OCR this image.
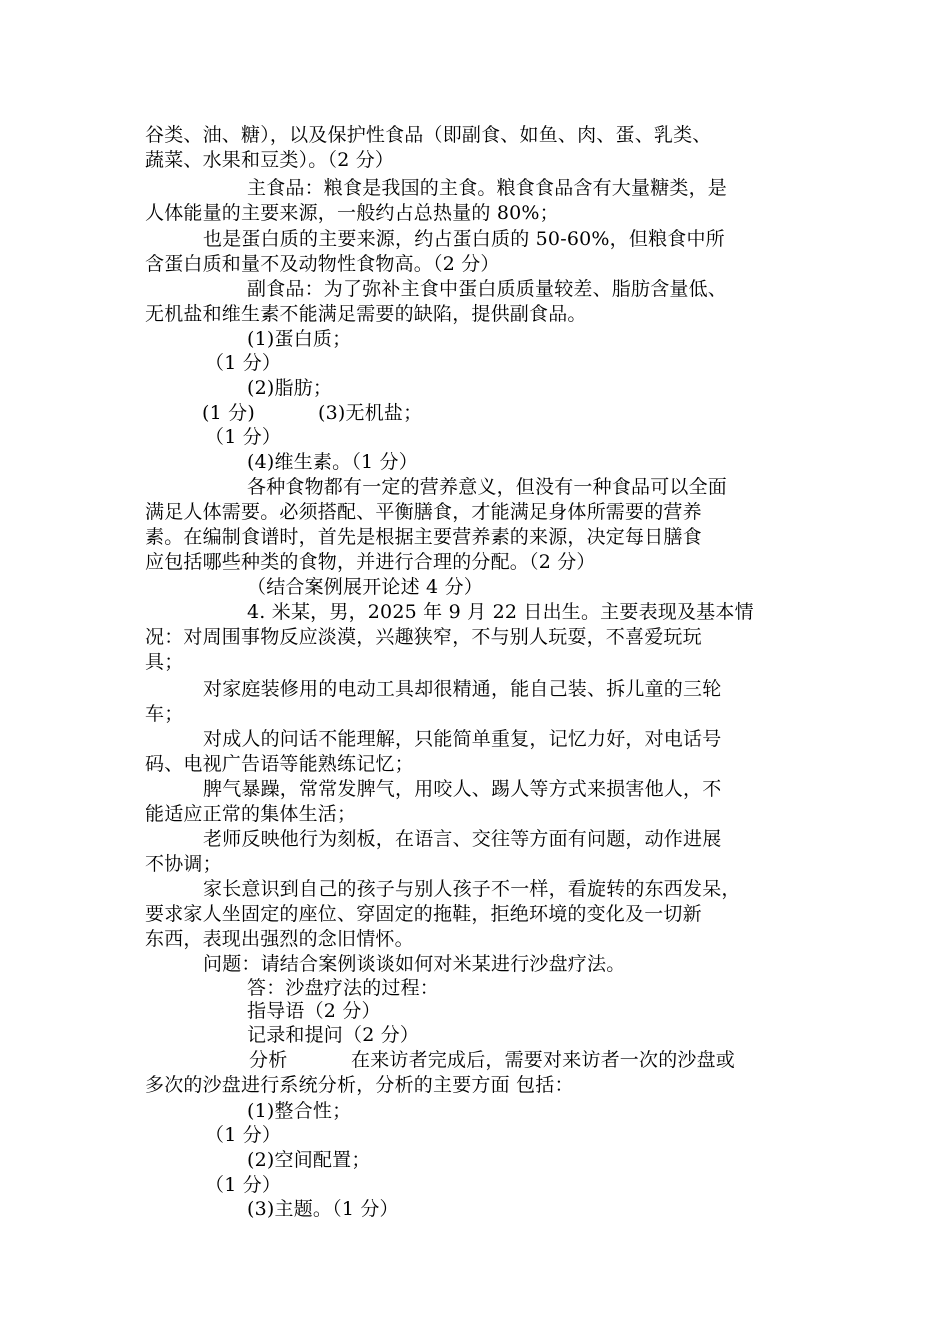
谷类、油、糖），以及保护性食品（即副食、如鱼、肉、蛋、乳类、
蔬菜、水果和豆类）。（2 分）
主食品：粮食是我国的主食。粮食食品含有大量糖类，是
人体能量的主要来源，一般约占总热量的 80%；
也是蛋白质的主要来源，约占蛋白质的 50-60%，但粮食中所
含蛋白质和量不及动物性食物高。（2 分）
副食品：为了弥补主食中蛋白质质量较差、脂肪含量低、
无机盐和维生素不能满足需要的缺陷，提供副食品。
(1)蛋白质；
（1 分）
(2)脂肪；
(1 分)	(3)无机盐；
（1 分）
(4)维生素。（1 分）
各种食物都有一定的营养意义，但没有一种食品可以全面
满足人体需要。必须搭配、平衡膳食，才能满足身体所需要的营养
素。在编制食谱时，首先是根据主要营养素的来源，决定每日膳食
应包括哪些种类的食物，并进行合理的分配。（2 分）
（结合案例展开论述 4 分）
4. 米某，男，2025 年 9 月 22 日出生。主要表现及基本情
况：对周围事物反应淡漠，兴趣狭窄，不与别人玩耍，不喜爱玩玩
具；
对家庭装修用的电动工具却很精通，能自己装、拆儿童的三轮
车；
对成人的问话不能理解，只能简单重复，记忆力好，对电话号
码、电视广告语等能熟练记忆；
脾气暴躁，常常发脾气，用咬人、踢人等方式来损害他人，不
能适应正常的集体生活；
老师反映他行为刻板，在语言、交往等方面有问题，动作进展
不协调；
家长意识到自己的孩子与别人孩子不一样，看旋转的东西发呆，
要求家人坐固定的座位、穿固定的拖鞋，拒绝环境的变化及一切新
东西，表现出强烈的念旧情怀。
问题：请结合案例谈谈如何对米某进行沙盘疗法。
答：沙盘疗法的过程：
指导语（2 分）
记录和提问（2 分）
分析	在来访者完成后，需要对来访者一次的沙盘或
多次的沙盘进行系统分析，分析的主要方面 包括：
(1)整合性；
（1 分）
(2)空间配置；
（1 分）
(3)主题。（1 分）
